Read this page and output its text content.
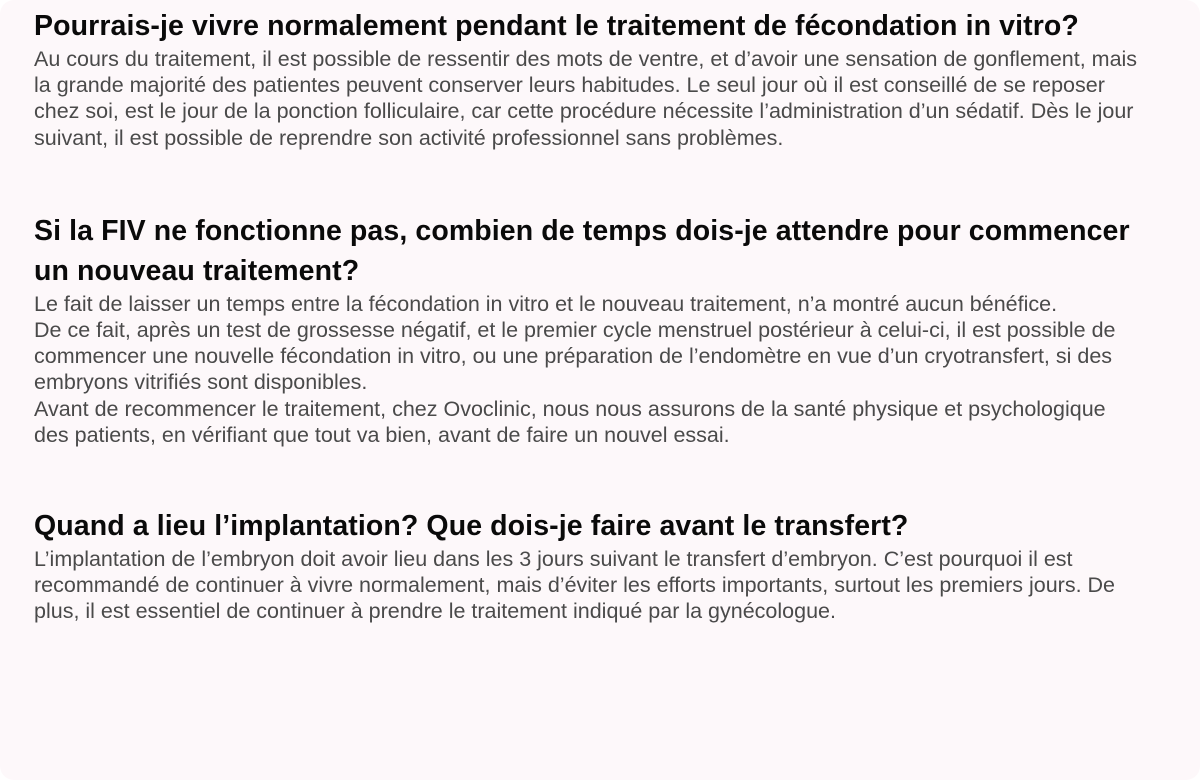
Pourrais-je vivre normalement pendant le traitement de fécondation in vitro?

Au cours du traitement, il est possible de ressentir des mots de ventre, et d’avoir une sensation de gonflement, mais la grande majorité des patientes peuvent conserver leurs habitudes. Le seul jour où il est conseillé de se reposer chez soi, est le jour de la ponction folliculaire, car cette procédure nécessite l’administration d’un sédatif. Dès le jour suivant, il est possible de reprendre son activité professionnel sans problèmes.

Si la FIV ne fonctionne pas, combien de temps dois-je attendre pour commencer un nouveau traitement?

Le fait de laisser un temps entre la fécondation in vitro et le nouveau traitement, n’a montré aucun bénéfice.

De ce fait, après un test de grossesse négatif, et le premier cycle menstruel postérieur à celui-ci, il est possible de commencer une nouvelle fécondation in vitro, ou une préparation de l’endomètre en vue d’un cryotransfert, si des embryons vitrifiés sont disponibles.

Avant de recommencer le traitement, chez Ovoclinic, nous nous assurons de la santé physique et psychologique des patients, en vérifiant que tout va bien, avant de faire un nouvel essai.

Quand a lieu l’implantation? Que dois-je faire avant le transfert?

L’implantation de l’embryon doit avoir lieu dans les 3 jours suivant le transfert d’embryon. C’est pourquoi il est recommandé de continuer à vivre normalement, mais d’éviter les efforts importants, surtout les premiers jours. De plus, il est essentiel de continuer à prendre le traitement indiqué par la gynécologue.
